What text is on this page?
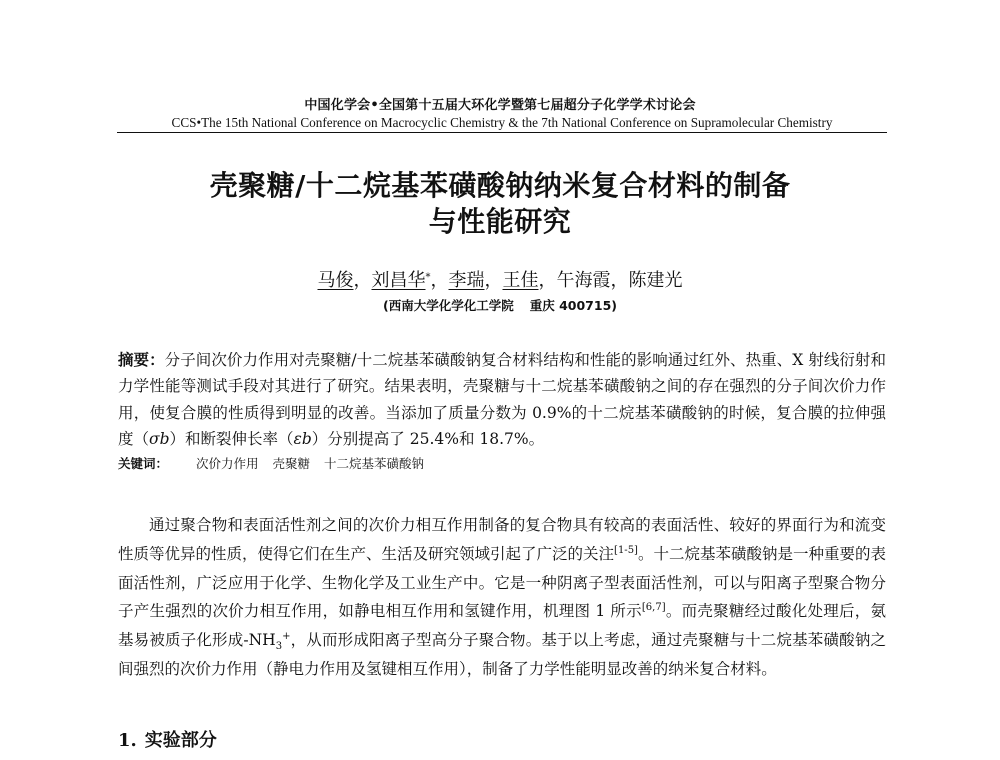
中国化学会•全国第十五届大环化学暨第七届超分子化学学术讨论会
CCS•The 15th National Conference on Macrocyclic Chemistry & the 7th National Conference on Supramolecular Chemistry
壳聚糖/十二烷基苯磺酸钠纳米复合材料的制备
与性能研究
马俊，刘昌华*，李瑞，王佳，午海霞，陈建光
(西南大学化学化工学院 重庆 400715)
摘要：分子间次价力作用对壳聚糖/十二烷基苯磺酸钠复合材料结构和性能的影响通过红外、热重、X 射线衍射和力学性能等测试手段对其进行了研究。结果表明，壳聚糖与十二烷基苯磺酸钠之间的存在强烈的分子间次价力作用，使复合膜的性质得到明显的改善。当添加了质量分数为 0.9%的十二烷基苯磺酸钠的时候，复合膜的拉伸强度（σb）和断裂伸长率（εb）分别提高了 25.4%和 18.7%。
关键词： 次价力作用 壳聚糖 十二烷基苯磺酸钠
通过聚合物和表面活性剂之间的次价力相互作用制备的复合物具有较高的表面活性、较好的界面行为和流变性质等优异的性质，使得它们在生产、生活及研究领域引起了广泛的关注[1-5]。十二烷基苯磺酸钠是一种重要的表面活性剂，广泛应用于化学、生物化学及工业生产中。它是一种阴离子型表面活性剂，可以与阳离子型聚合物分子产生强烈的次价力相互作用，如静电相互作用和氢键作用，机理图 1 所示[6,7]。而壳聚糖经过酸化处理后，氨基易被质子化形成$-NH_3^+$，从而形成阳离子型高分子聚合物。基于以上考虑，通过壳聚糖与十二烷基苯磺酸钠之间强烈的次价力作用（静电力作用及氢键相互作用），制备了力学性能明显改善的纳米复合材料。
1. 实验部分
